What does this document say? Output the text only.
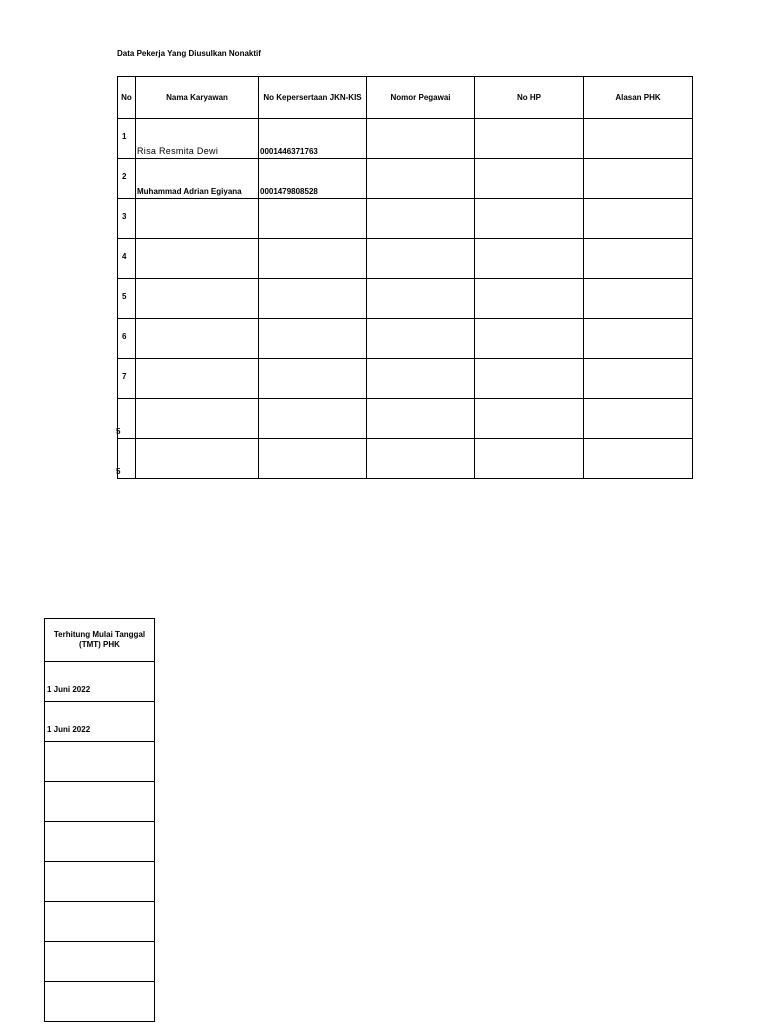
Data Pekerja Yang Diusulkan Nonaktif
No	Nama Karyawan	No Kepersertaan JKN-KIS	Nomor Pegawai	No HP	Alasan PHK

1	Risa Resmita Dewi	0001446371763			

2	Muhammad Adrian Egiyana	0001479808528			

3					

4					

5					

6					

7					

5					

5					

Terhitung Mulai Tanggal (TMT) PHK

1 Juni 2022

1 Juni 2022
